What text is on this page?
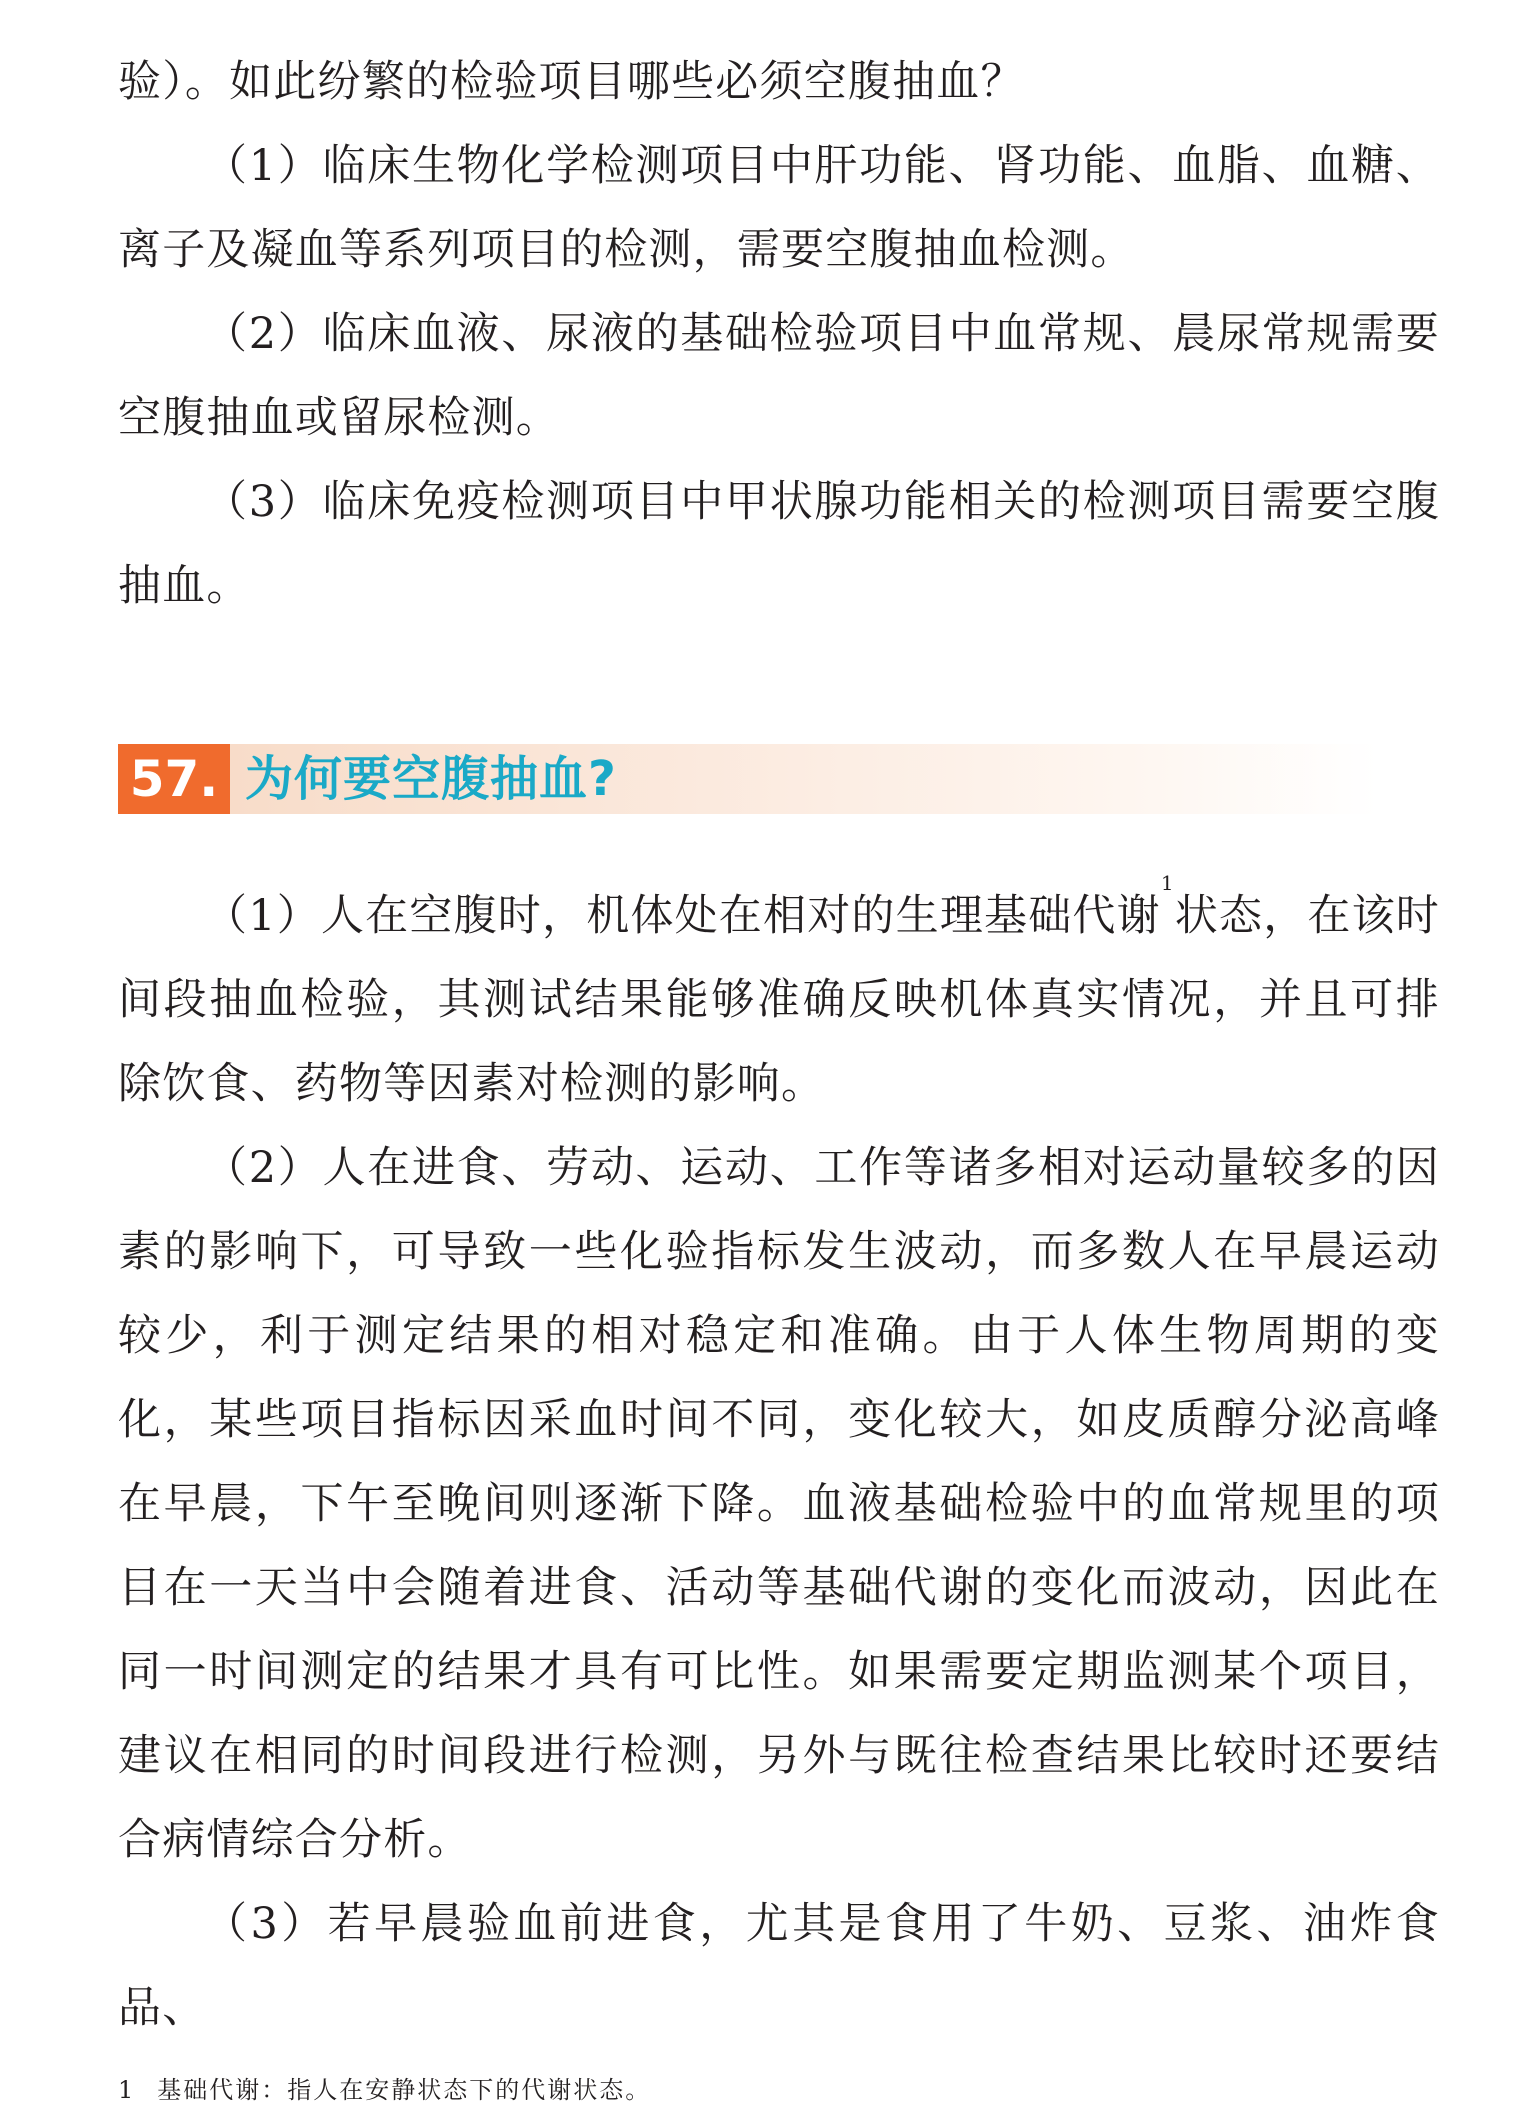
验）。如此纷繁的检验项目哪些必须空腹抽血？

（1）临床生物化学检测项目中肝功能、肾功能、血脂、血糖、离子及凝血等系列项目的检测，需要空腹抽血检测。

（2）临床血液、尿液的基础检验项目中血常规、晨尿常规需要空腹抽血或留尿检测。

（3）临床免疫检测项目中甲状腺功能相关的检测项目需要空腹抽血。

57. 为何要空腹抽血?

（1）人在空腹时，机体处在相对的生理基础代谢$^1$状态，在该时间段抽血检验，其测试结果能够准确反映机体真实情况，并且可排除饮食、药物等因素对检测的影响。

（2）人在进食、劳动、运动、工作等诸多相对运动量较多的因素的影响下，可导致一些化验指标发生波动，而多数人在早晨运动较少，利于测定结果的相对稳定和准确。由于人体生物周期的变化，某些项目指标因采血时间不同，变化较大，如皮质醇分泌高峰在早晨，下午至晚间则逐渐下降。血液基础检验中的血常规里的项目在一天当中会随着进食、活动等基础代谢的变化而波动，因此在同一时间测定的结果才具有可比性。如果需要定期监测某个项目，建议在相同的时间段进行检测，另外与既往检查结果比较时还要结合病情综合分析。

（3）若早晨验血前进食，尤其是食用了牛奶、豆浆、油炸食品、

1 基础代谢：指人在安静状态下的代谢状态。
